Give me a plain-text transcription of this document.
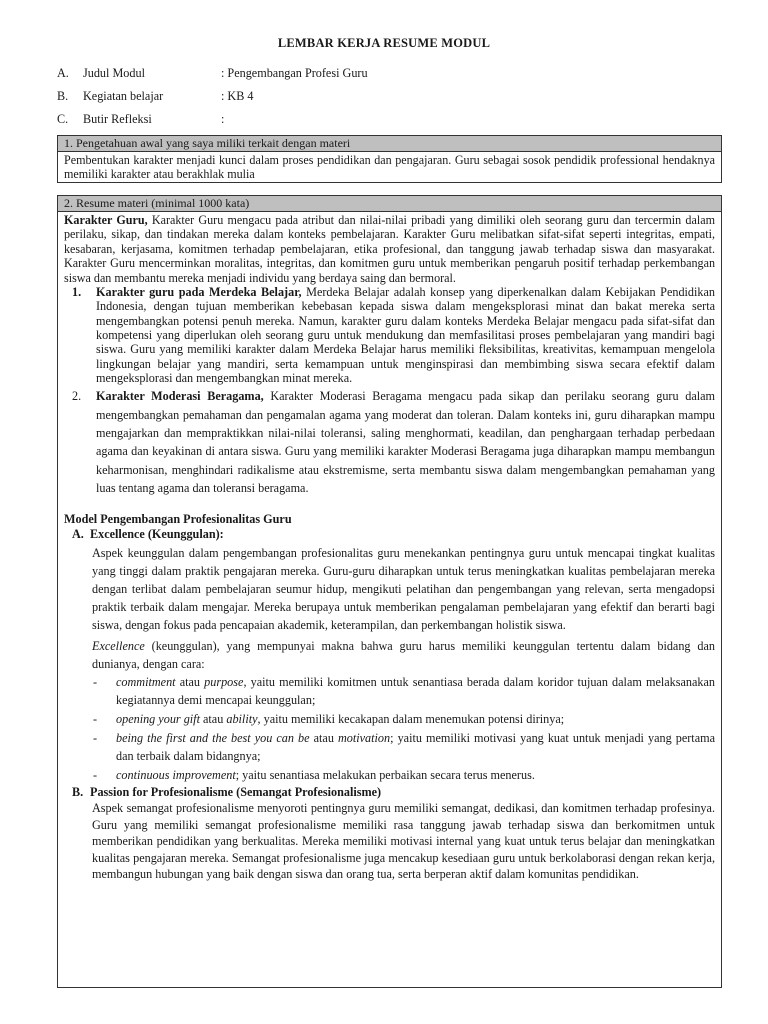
LEMBAR KERJA RESUME MODUL
A. Judul Modul	: Pengembangan Profesi Guru
B. Kegiatan belajar	: KB 4
C. Butir Refleksi	:
1. Pengetahuan awal yang saya miliki terkait dengan materi
Pembentukan karakter menjadi kunci dalam proses pendidikan dan pengajaran. Guru sebagai sosok pendidik professional hendaknya memiliki karakter atau berakhlak mulia
2. Resume materi (minimal 1000 kata)
Karakter Guru, Karakter Guru mengacu pada atribut dan nilai-nilai pribadi yang dimiliki oleh seorang guru dan tercermin dalam perilaku, sikap, dan tindakan mereka dalam konteks pembelajaran. Karakter Guru melibatkan sifat-sifat seperti integritas, empati, kesabaran, kerjasama, komitmen terhadap pembelajaran, etika profesional, dan tanggung jawab terhadap siswa dan masyarakat. Karakter Guru mencerminkan moralitas, integritas, dan komitmen guru untuk memberikan pengaruh positif terhadap perkembangan siswa dan membantu mereka menjadi individu yang berdaya saing dan bermoral.
1. Karakter guru pada Merdeka Belajar, Merdeka Belajar adalah konsep yang diperkenalkan dalam Kebijakan Pendidikan Indonesia, dengan tujuan memberikan kebebasan kepada siswa dalam mengeksplorasi minat dan bakat mereka serta mengembangkan potensi penuh mereka. Namun, karakter guru dalam konteks Merdeka Belajar mengacu pada sifat-sifat dan kompetensi yang diperlukan oleh seorang guru untuk mendukung dan memfasilitasi proses pembelajaran yang mandiri bagi siswa. Guru yang memiliki karakter dalam Merdeka Belajar harus memiliki fleksibilitas, kreativitas, kemampuan mengelola lingkungan belajar yang mandiri, serta kemampuan untuk menginspirasi dan membimbing siswa secara efektif dalam mengeksplorasi dan mengembangkan minat mereka.
2. Karakter Moderasi Beragama, Karakter Moderasi Beragama mengacu pada sikap dan perilaku seorang guru dalam mengembangkan pemahaman dan pengamalan agama yang moderat dan toleran. Dalam konteks ini, guru diharapkan mampu mengajarkan dan mempraktikkan nilai-nilai toleransi, saling menghormati, keadilan, dan penghargaan terhadap perbedaan agama dan keyakinan di antara siswa. Guru yang memiliki karakter Moderasi Beragama juga diharapkan mampu membangun keharmonisan, menghindari radikalisme atau ekstremisme, serta membantu siswa dalam mengembangkan pemahaman yang luas tentang agama dan toleransi beragama.
Model Pengembangan Profesionalitas Guru
A. Excellence (Keunggulan):
Aspek keunggulan dalam pengembangan profesionalitas guru menekankan pentingnya guru untuk mencapai tingkat kualitas yang tinggi dalam praktik pengajaran mereka. Guru-guru diharapkan untuk terus meningkatkan kualitas pembelajaran mereka dengan terlibat dalam pembelajaran seumur hidup, mengikuti pelatihan dan pengembangan yang relevan, serta mengadopsi praktik terbaik dalam mengajar. Mereka berupaya untuk memberikan pengalaman pembelajaran yang efektif dan berarti bagi siswa, dengan fokus pada pencapaian akademik, keterampilan, dan perkembangan holistik siswa.
Excellence (keunggulan), yang mempunyai makna bahwa guru harus memiliki keunggulan tertentu dalam bidang dan dunianya, dengan cara:
- commitment atau purpose, yaitu memiliki komitmen untuk senantiasa berada dalam koridor tujuan dalam melaksanakan kegiatannya demi mencapai keunggulan;
- opening your gift atau ability, yaitu memiliki kecakapan dalam menemukan potensi dirinya;
- being the first and the best you can be atau motivation; yaitu memiliki motivasi yang kuat untuk menjadi yang pertama dan terbaik dalam bidangnya;
- continuous improvement; yaitu senantiasa melakukan perbaikan secara terus menerus.
B. Passion for Profesionalisme (Semangat Profesionalisme)
Aspek semangat profesionalisme menyoroti pentingnya guru memiliki semangat, dedikasi, dan komitmen terhadap profesinya. Guru yang memiliki semangat profesionalisme memiliki rasa tanggung jawab terhadap siswa dan berkomitmen untuk memberikan pendidikan yang berkualitas. Mereka memiliki motivasi internal yang kuat untuk terus belajar dan meningkatkan kualitas pengajaran mereka. Semangat profesionalisme juga mencakup kesediaan guru untuk berkolaborasi dengan rekan kerja, membangun hubungan yang baik dengan siswa dan orang tua, serta berperan aktif dalam komunitas pendidikan.
